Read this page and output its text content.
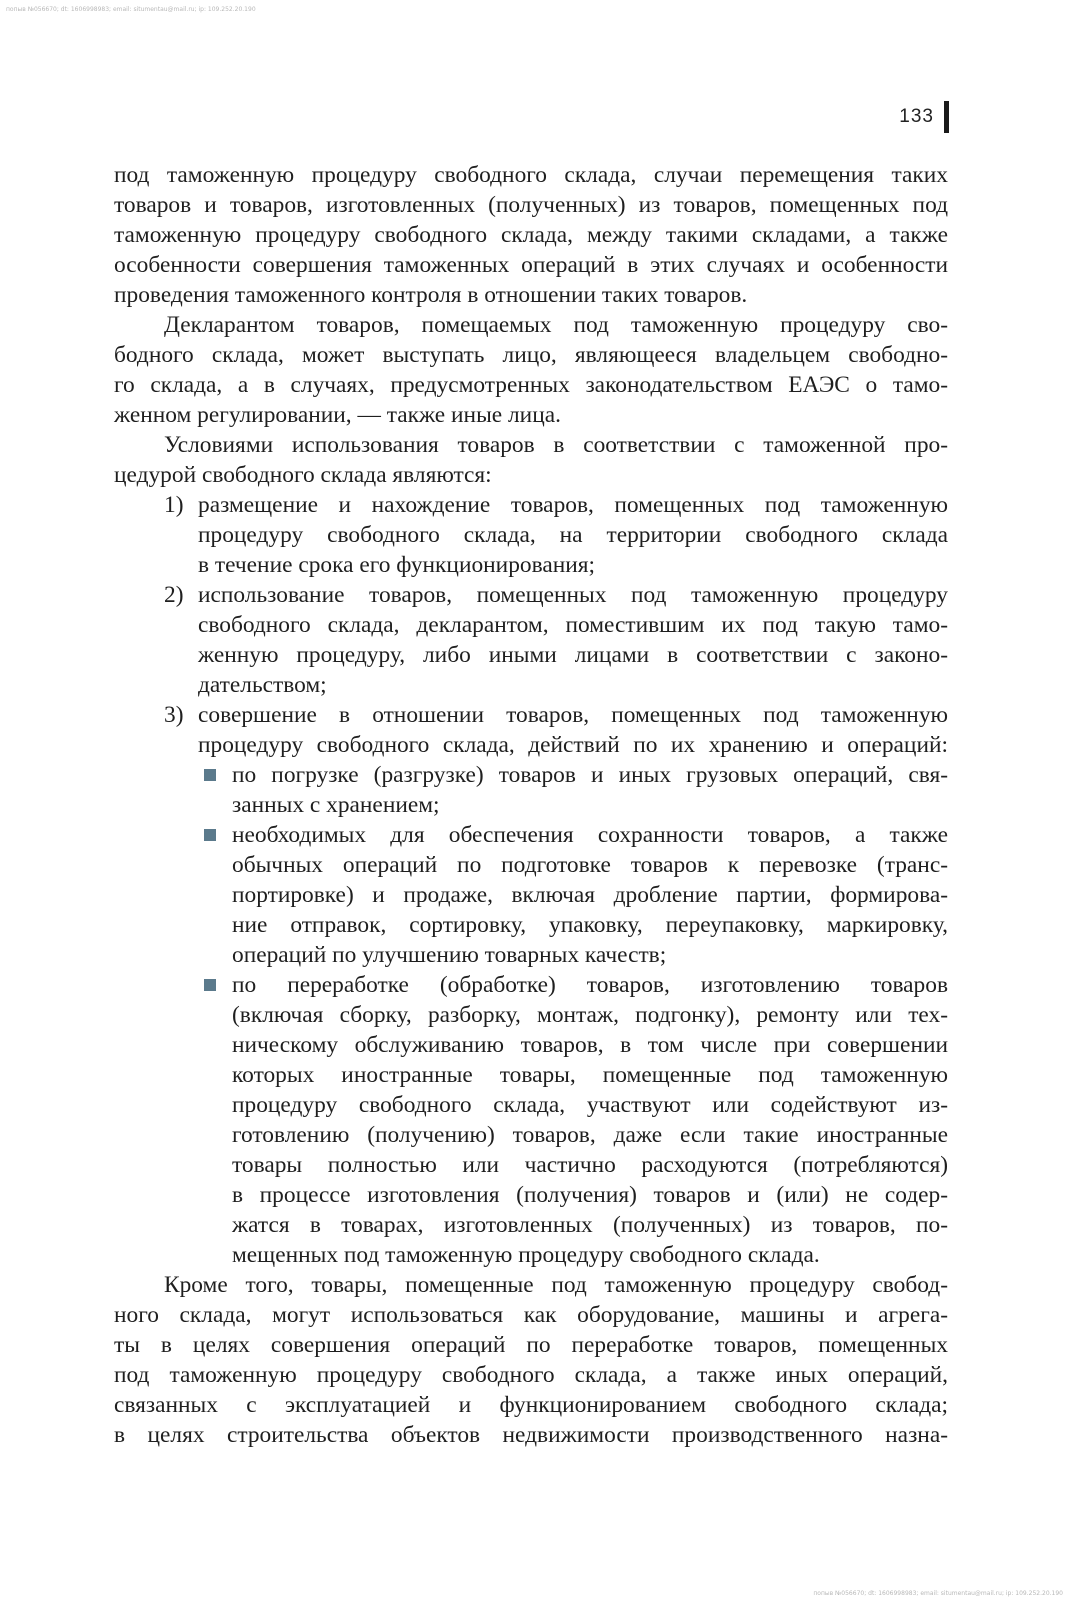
попыв №056670; dt: 1606998983; email: situmentau@mail.ru; ip: 109.252.20.190
133
под таможенную процедуру свободного склада, случаи перемещения таких
товаров и товаров, изготовленных (полученных) из товаров, помещенных под
таможенную процедуру свободного склада, между такими складами, а также
особенности совершения таможенных операций в этих случаях и особенности
проведения таможенного контроля в отношении таких товаров.
Декларантом товаров, помещаемых под таможенную процедуру сво-
бодного склада, может выступать лицо, являющееся владельцем свободно-
го склада, а в случаях, предусмотренных законодательством ЕАЭС о тамо-
женном регулировании, — также иные лица.
Условиями использования товаров в соответствии с таможенной про-
цедурой свободного склада являются:
1) размещение и нахождение товаров, помещенных под таможенную
процедуру свободного склада, на территории свободного склада
в течение срока его функционирования;
2) использование товаров, помещенных под таможенную процедуру
свободного склада, декларантом, поместившим их под такую тамо-
женную процедуру, либо иными лицами в соответствии с законо-
дательством;
3) совершение в отношении товаров, помещенных под таможенную
процедуру свободного склада, действий по их хранению и операций:
по погрузке (разгрузке) товаров и иных грузовых операций, свя-
занных с хранением;
необходимых для обеспечения сохранности товаров, а также
обычных операций по подготовке товаров к перевозке (транс-
портировке) и продаже, включая дробление партии, формирова-
ние отправок, сортировку, упаковку, переупаковку, маркировку,
операций по улучшению товарных качеств;
по переработке (обработке) товаров, изготовлению товаров
(включая сборку, разборку, монтаж, подгонку), ремонту или тех-
ническому обслуживанию товаров, в том числе при совершении
которых иностранные товары, помещенные под таможенную
процедуру свободного склада, участвуют или содействуют из-
готовлению (получению) товаров, даже если такие иностранные
товары полностью или частично расходуются (потребляются)
в процессе изготовления (получения) товаров и (или) не содер-
жатся в товарах, изготовленных (полученных) из товаров, по-
мещенных под таможенную процедуру свободного склада.
Кроме того, товары, помещенные под таможенную процедуру свобод-
ного склада, могут использоваться как оборудование, машины и агрега-
ты в целях совершения операций по переработке товаров, помещенных
под таможенную процедуру свободного склада, а также иных операций,
связанных с эксплуатацией и функционированием свободного склада;
в целях строительства объектов недвижимости производственного назна-
попыв №056670; dt: 1606998983; email: situmentau@mail.ru; ip: 109.252.20.190
